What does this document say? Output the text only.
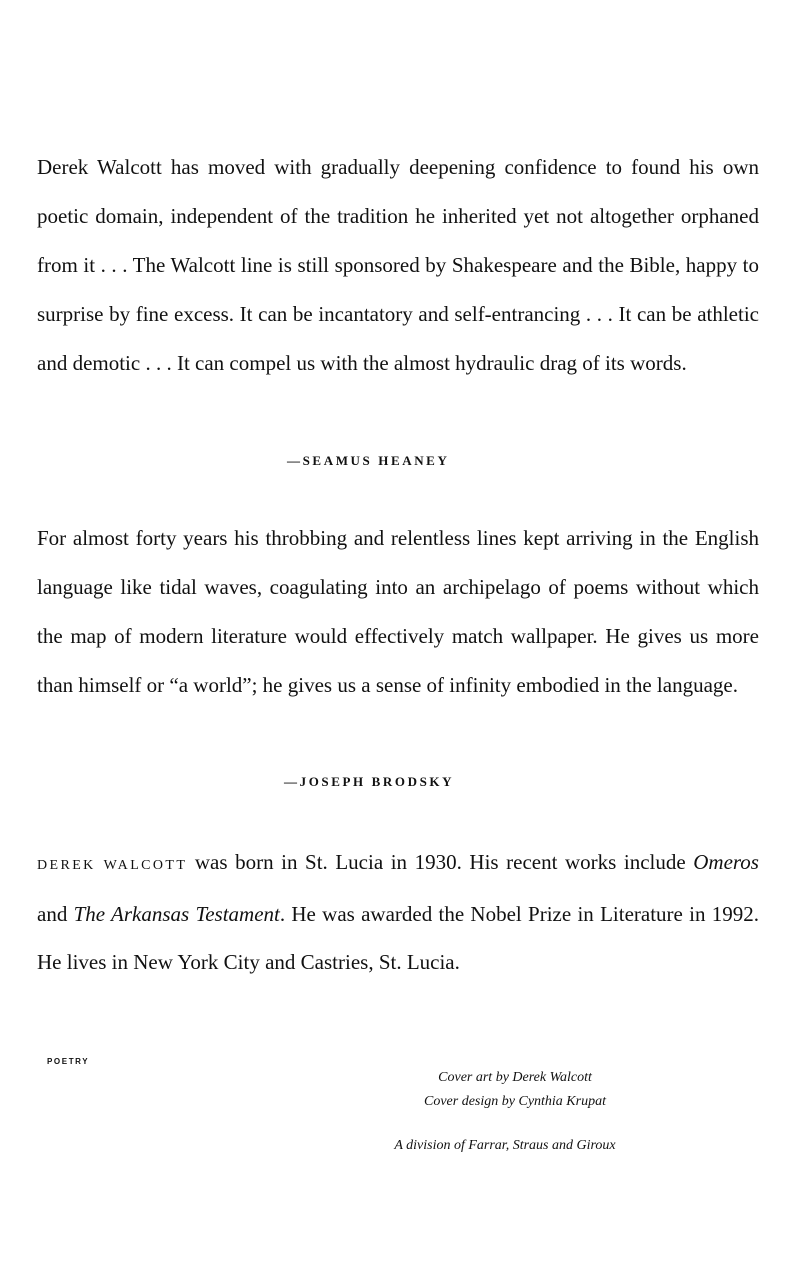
Derek Walcott has moved with gradually deepening confidence to found his own poetic domain, independent of the tradition he inherited yet not altogether orphaned from it . . . The Walcott line is still sponsored by Shakespeare and the Bible, happy to surprise by fine excess. It can be incantatory and self-entrancing . . . It can be athletic and demotic . . . It can compel us with the almost hydraulic drag of its words.

—SEAMUS HEANEY

For almost forty years his throbbing and relentless lines kept arriving in the English language like tidal waves, coagulating into an archipelago of poems without which the map of modern literature would effectively match wallpaper. He gives us more than himself or “a world”; he gives us a sense of infinity embodied in the language.

—JOSEPH BRODSKY

DEREK WALCOTT was born in St. Lucia in 1930. His recent works include Omeros and The Arkansas Testament. He was awarded the Nobel Prize in Literature in 1992. He lives in New York City and Castries, St. Lucia.

POETRY
Cover art by Derek Walcott
Cover design by Cynthia Krupat
A division of Farrar, Straus and Giroux
